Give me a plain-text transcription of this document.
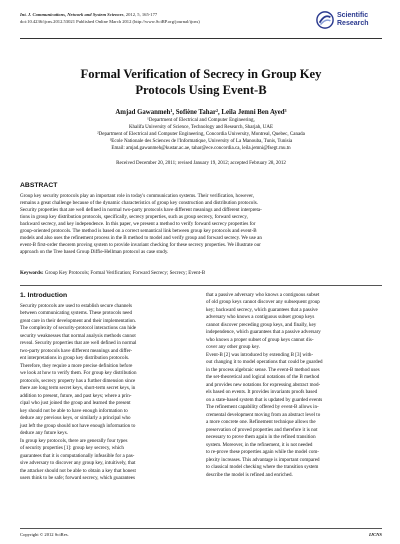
Int. J. Communications, Network and System Sciences, 2012, 5, 165-177
doi:10.4236/ijcns.2012.53021 Published Online March 2012 (http://www.SciRP.org/journal/ijcns)
Scientific
Research
Formal Verification of Secrecy in Group Key
Protocols Using Event-B
Amjad Gawanmeh¹, Sofiène Tahar², Leila Jemni Ben Ayed³
¹Department of Electrical and Computer Engineering,
Khalifa University of Science, Technology and Research, Sharjah, UAE
²Department of Electrical and Computer Engineering, Concordia University, Montreal, Quebec, Canada
³Ecole Nationale des Sciences de l'Informatique, University of La Manouba, Tunis, Tunisia
Email: amjad.gawanmeh@kustar.ac.ae, tahar@ece.concordia.ca, leila.jemni@fsegt.rnu.tn
Received December 20, 2011; revised January 19, 2012; accepted February 28, 2012
ABSTRACT
Group key security protocols play an important role in today's communication systems. Their verification, however,
remains a great challenge because of the dynamic characteristics of group key construction and distribution protocols.
Security properties that are well defined in normal two-party protocols have different meanings and different interpreta-
tions in group key distribution protocols, specifically, secrecy properties, such as group secrecy, forward secrecy,
backward secrecy, and key independence. In this paper, we present a method to verify forward secrecy properties for
group-oriented protocols. The method is based on a correct semantical link between group key protocols and event-B
models and also uses the refinement process in the B method to model and verify group and forward secrecy. We use an
event-B first-order theorem proving system to provide invariant checking for these secrecy properties. We illustrate our
approach on the Tree based Group Diffie-Hellman protocol as case study.
Keywords: Group Key Protocols; Formal Verification; Forward Secrecy; Secrecy; Event-B
1. Introduction
Security protocols are used to establish secure channels
between communicating systems. These protocols need
great care in their development and their implementation.
The complexity of security-protocol interactions can hide
security weaknesses that normal analysis methods cannot
reveal. Security properties that are well defined in normal
two-party protocols have different meanings and differ-
ent interpretations in group key distribution protocols.
Therefore, they require a more precise definition before
we look at how to verify them. For group key distribution
protocols, secrecy property has a further dimension since
there are long term secret keys, short-term secret keys, in
addition to present, future, and past keys; where a prin-
cipal who just joined the group and learned the present
key should not be able to have enough information to
deduce any previous keys, or similarly a principal who
just left the group should not have enough information to
deduce any future keys.
In group key protocols, there are generally four types
of security properties [1]: group key secrecy, which
guarantees that it is computationally infeasible for a pas-
sive adversary to discover any group key, intuitively, that
the attacker should not be able to obtain a key that honest
users think to be safe; forward secrecy, which guarantees
that a passive adversary who knows a contiguous subset
of old group keys cannot discover any subsequent group
key; backward secrecy, which guarantees that a passive
adversary who knows a contiguous subset group keys
cannot discover preceding group keys, and finally, key
independence, which guarantees that a passive adversary
who knows a proper subset of group keys cannot dis-
cover any other group key.
Event-B [2] was introduced by extending B [3] with-
out changing it to model operations that could be guarded
in the process algebraic sense. The event-B method uses
the set-theoretical and logical notations of the B method
and provides new notations for expressing abstract mod-
els based on events. It provides invariants proofs based
on a state-based system that is updated by guarded events
The refinement capability offered by event-B allows in-
cremental development moving from an abstract level to
a more concrete one. Refinement technique allows the
preservation of proved properties and therefore it is not
necessary to prove them again in the refined transition
system. Moreover, in the refinement, it is not needed
to re-prove these properties again while the model com-
plexity increases. This advantage is important compared
to classical model checking where the transition system
describe the model is refined and enriched.
Copyright © 2012 SciRes.	IJCNS
